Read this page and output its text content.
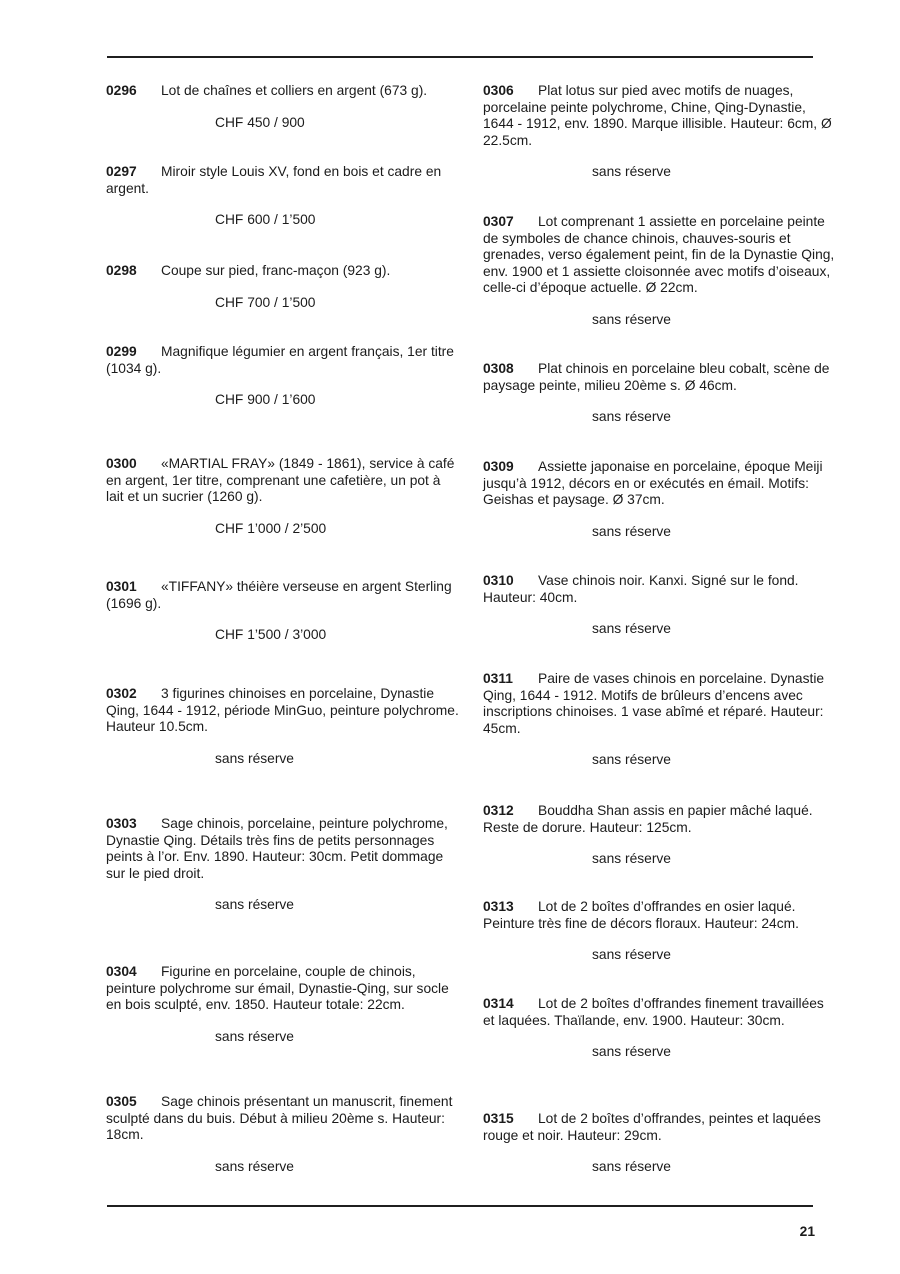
0296 Lot de chaînes et colliers en argent (673 g).

CHF 450 / 900

0297 Miroir style Louis XV, fond en bois et cadre en argent.

CHF 600 / 1’500

0298 Coupe sur pied, franc-maçon (923 g).

CHF 700 / 1’500

0299 Magnifique légumier en argent français, 1er titre (1034 g).

CHF 900 / 1’600

0300 «MARTIAL FRAY» (1849 - 1861), service à café en argent, 1er titre, comprenant une cafetière, un pot à lait et un sucrier (1260 g).

CHF 1’000 / 2’500

0301 «TIFFANY» théière verseuse en argent Sterling (1696 g).

CHF 1’500 / 3’000

0302 3 figurines chinoises en porcelaine, Dynastie Qing, 1644 - 1912, période MinGuo, peinture polychrome. Hauteur 10.5cm.

sans réserve

0303 Sage chinois, porcelaine, peinture polychrome, Dynastie Qing. Détails très fins de petits personnages peints à l’or. Env. 1890. Hauteur: 30cm. Petit dommage sur le pied droit.

sans réserve

0304 Figurine en porcelaine, couple de chinois, peinture polychrome sur émail, Dynastie-Qing, sur socle en bois sculpté, env. 1850. Hauteur totale: 22cm.

sans réserve

0305 Sage chinois présentant un manuscrit, finement sculpté dans du buis. Début à milieu 20ème s. Hauteur: 18cm.

sans réserve

0306 Plat lotus sur pied avec motifs de nuages, porcelaine peinte polychrome, Chine, Qing-Dynastie, 1644 - 1912, env. 1890. Marque illisible. Hauteur: 6cm, Ø 22.5cm.

sans réserve

0307 Lot comprenant 1 assiette en porcelaine peinte de symboles de chance chinois, chauves-souris et grenades, verso également peint, fin de la Dynastie Qing, env. 1900 et 1 assiette cloisonnée avec motifs d’oiseaux, celle-ci d’époque actuelle. Ø 22cm.

sans réserve

0308 Plat chinois en porcelaine bleu cobalt, scène de paysage peinte, milieu 20ème s. Ø 46cm.

sans réserve

0309 Assiette japonaise en porcelaine, époque Meiji jusqu’à 1912, décors en or exécutés en émail. Motifs: Geishas et paysage. Ø 37cm.

sans réserve

0310 Vase chinois noir. Kanxi. Signé sur le fond. Hauteur: 40cm.

sans réserve

0311 Paire de vases chinois en porcelaine. Dynastie Qing, 1644 - 1912. Motifs de brûleurs d’encens avec inscriptions chinoises. 1 vase abîmé et réparé. Hauteur: 45cm.

sans réserve

0312 Bouddha Shan assis en papier mâché laqué. Reste de dorure. Hauteur: 125cm.

sans réserve

0313 Lot de 2 boîtes d’offrandes en osier laqué. Peinture très fine de décors floraux. Hauteur: 24cm.

sans réserve

0314 Lot de 2 boîtes d’offrandes finement travaillées et laquées. Thaïlande, env. 1900. Hauteur: 30cm.

sans réserve

0315 Lot de 2 boîtes d’offrandes, peintes et laquées rouge et noir. Hauteur: 29cm.

sans réserve

21
